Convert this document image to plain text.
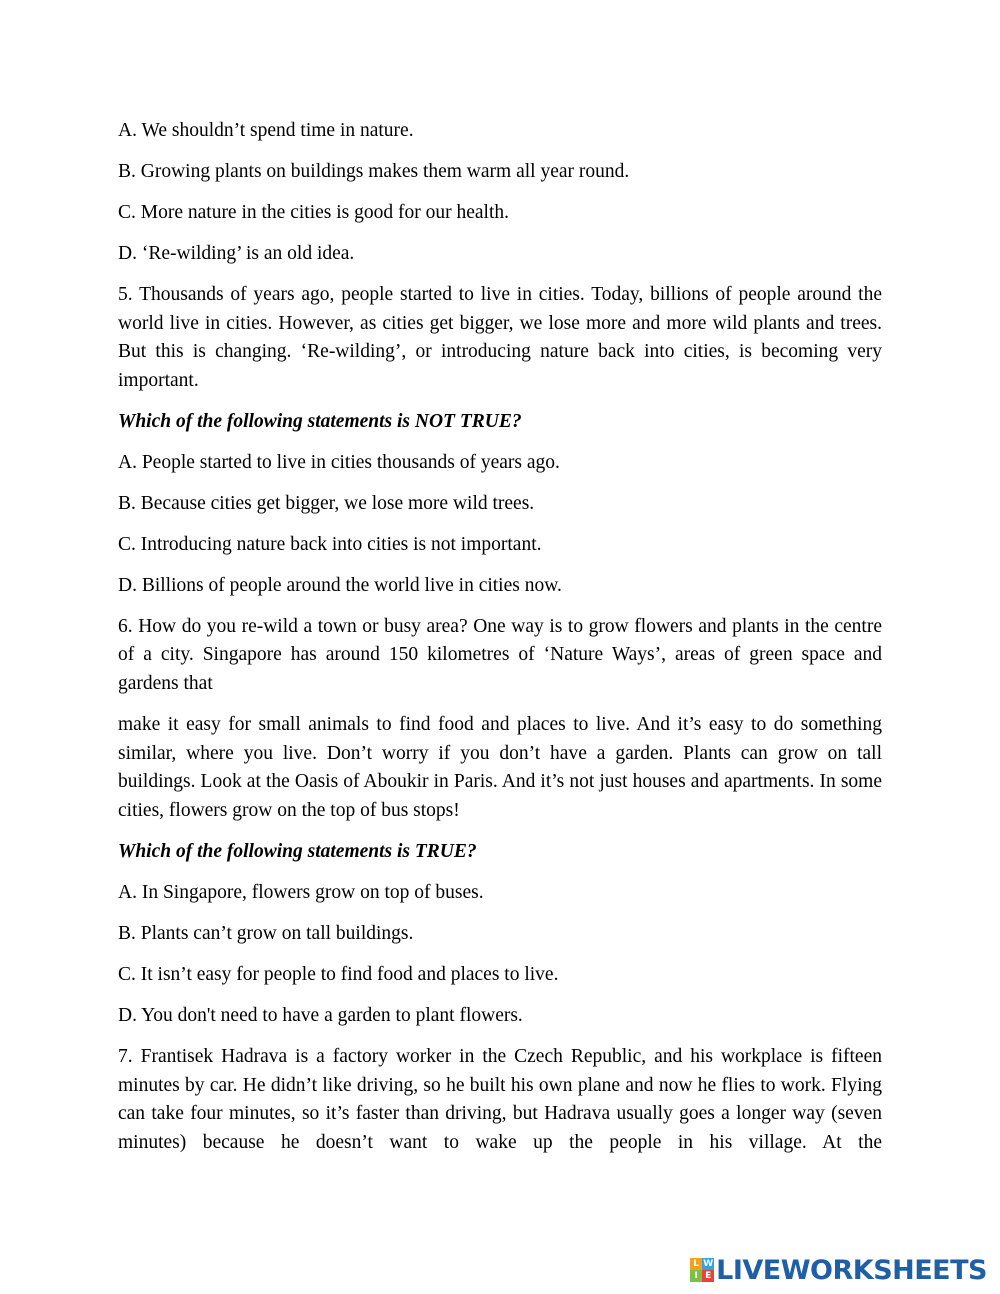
A. We shouldn’t spend time in nature.

B. Growing plants on buildings makes them warm all year round.

C. More nature in the cities is good for our health.

D. ‘Re-wilding’ is an old idea.

5. Thousands of years ago, people started to live in cities. Today, billions of people around the world live in cities. However, as cities get bigger, we lose more and more wild plants and trees. But this is changing. ‘Re-wilding’, or introducing nature back into cities, is becoming very important.

Which of the following statements is NOT TRUE?

A. People started to live in cities thousands of years ago.

B. Because cities get bigger, we lose more wild trees.

C. Introducing nature back into cities is not important.

D. Billions of people around the world live in cities now.

6. How do you re-wild a town or busy area? One way is to grow flowers and plants in the centre of a city. Singapore has around 150 kilometres of ‘Nature Ways’, areas of green space and gardens that

make it easy for small animals to find food and places to live. And it’s easy to do something similar, where you live. Don’t worry if you don’t have a garden. Plants can grow on tall buildings. Look at the Oasis of Aboukir in Paris. And it’s not just houses and apartments. In some cities, flowers grow on the top of bus stops!

Which of the following statements is TRUE?

A. In Singapore, flowers grow on top of buses.

B. Plants can’t grow on tall buildings.

C. It isn’t easy for people to find food and places to live.

D. You don't need to have a garden to plant flowers.

7. Frantisek Hadrava is a factory worker in the Czech Republic, and his workplace is fifteen minutes by car. He didn’t like driving, so he built his own plane and now he flies to work. Flying can take four minutes, so it’s faster than driving, but Hadrava usually goes a longer way (seven minutes) because he doesn’t want to wake up the people in his village. At the

L W
I E LIVEWORKSHEETS
